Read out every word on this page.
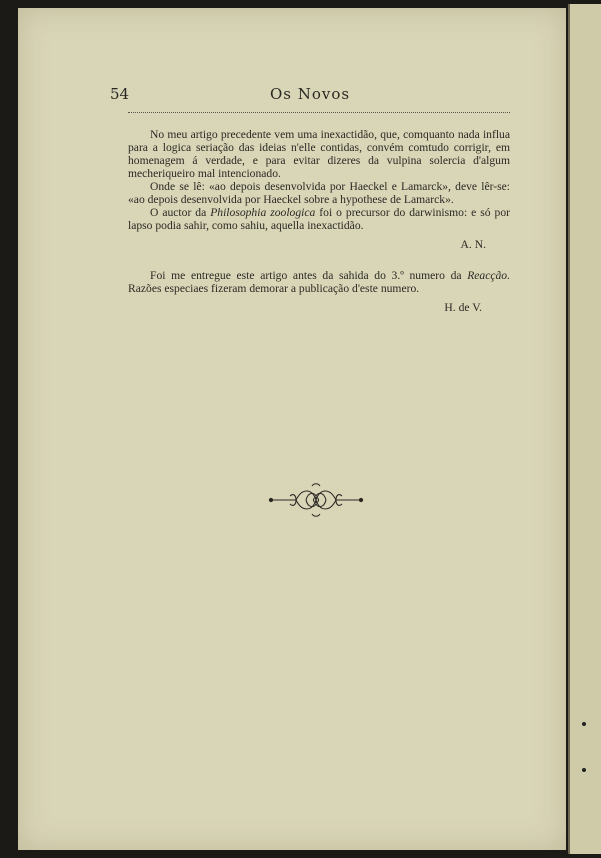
54	Os Novos

No meu artigo precedente vem uma inexactidão, que, comquanto nada influa para a logica seriação das ideias n'elle contidas, convém comtudo corrigir, em homenagem á verdade, e para evitar dizeres da vulpina solercia d'algum mecheriqueiro mal intencionado.

Onde se lê: «ao depois desenvolvida por Haeckel e Lamarck», deve lêr-se: «ao depois desenvolvida por Haeckel sobre a hypothese de Lamarck».

O auctor da Philosophia zoologica foi o precursor do darwinismo: e só por lapso podia sahir, como sahiu, aquella inexactidão.

A. N.

Foi me entregue este artigo antes da sahida do 3.º numero da Reacção. Razões especiaes fizeram demorar a publicação d'este numero.

H. de V.
